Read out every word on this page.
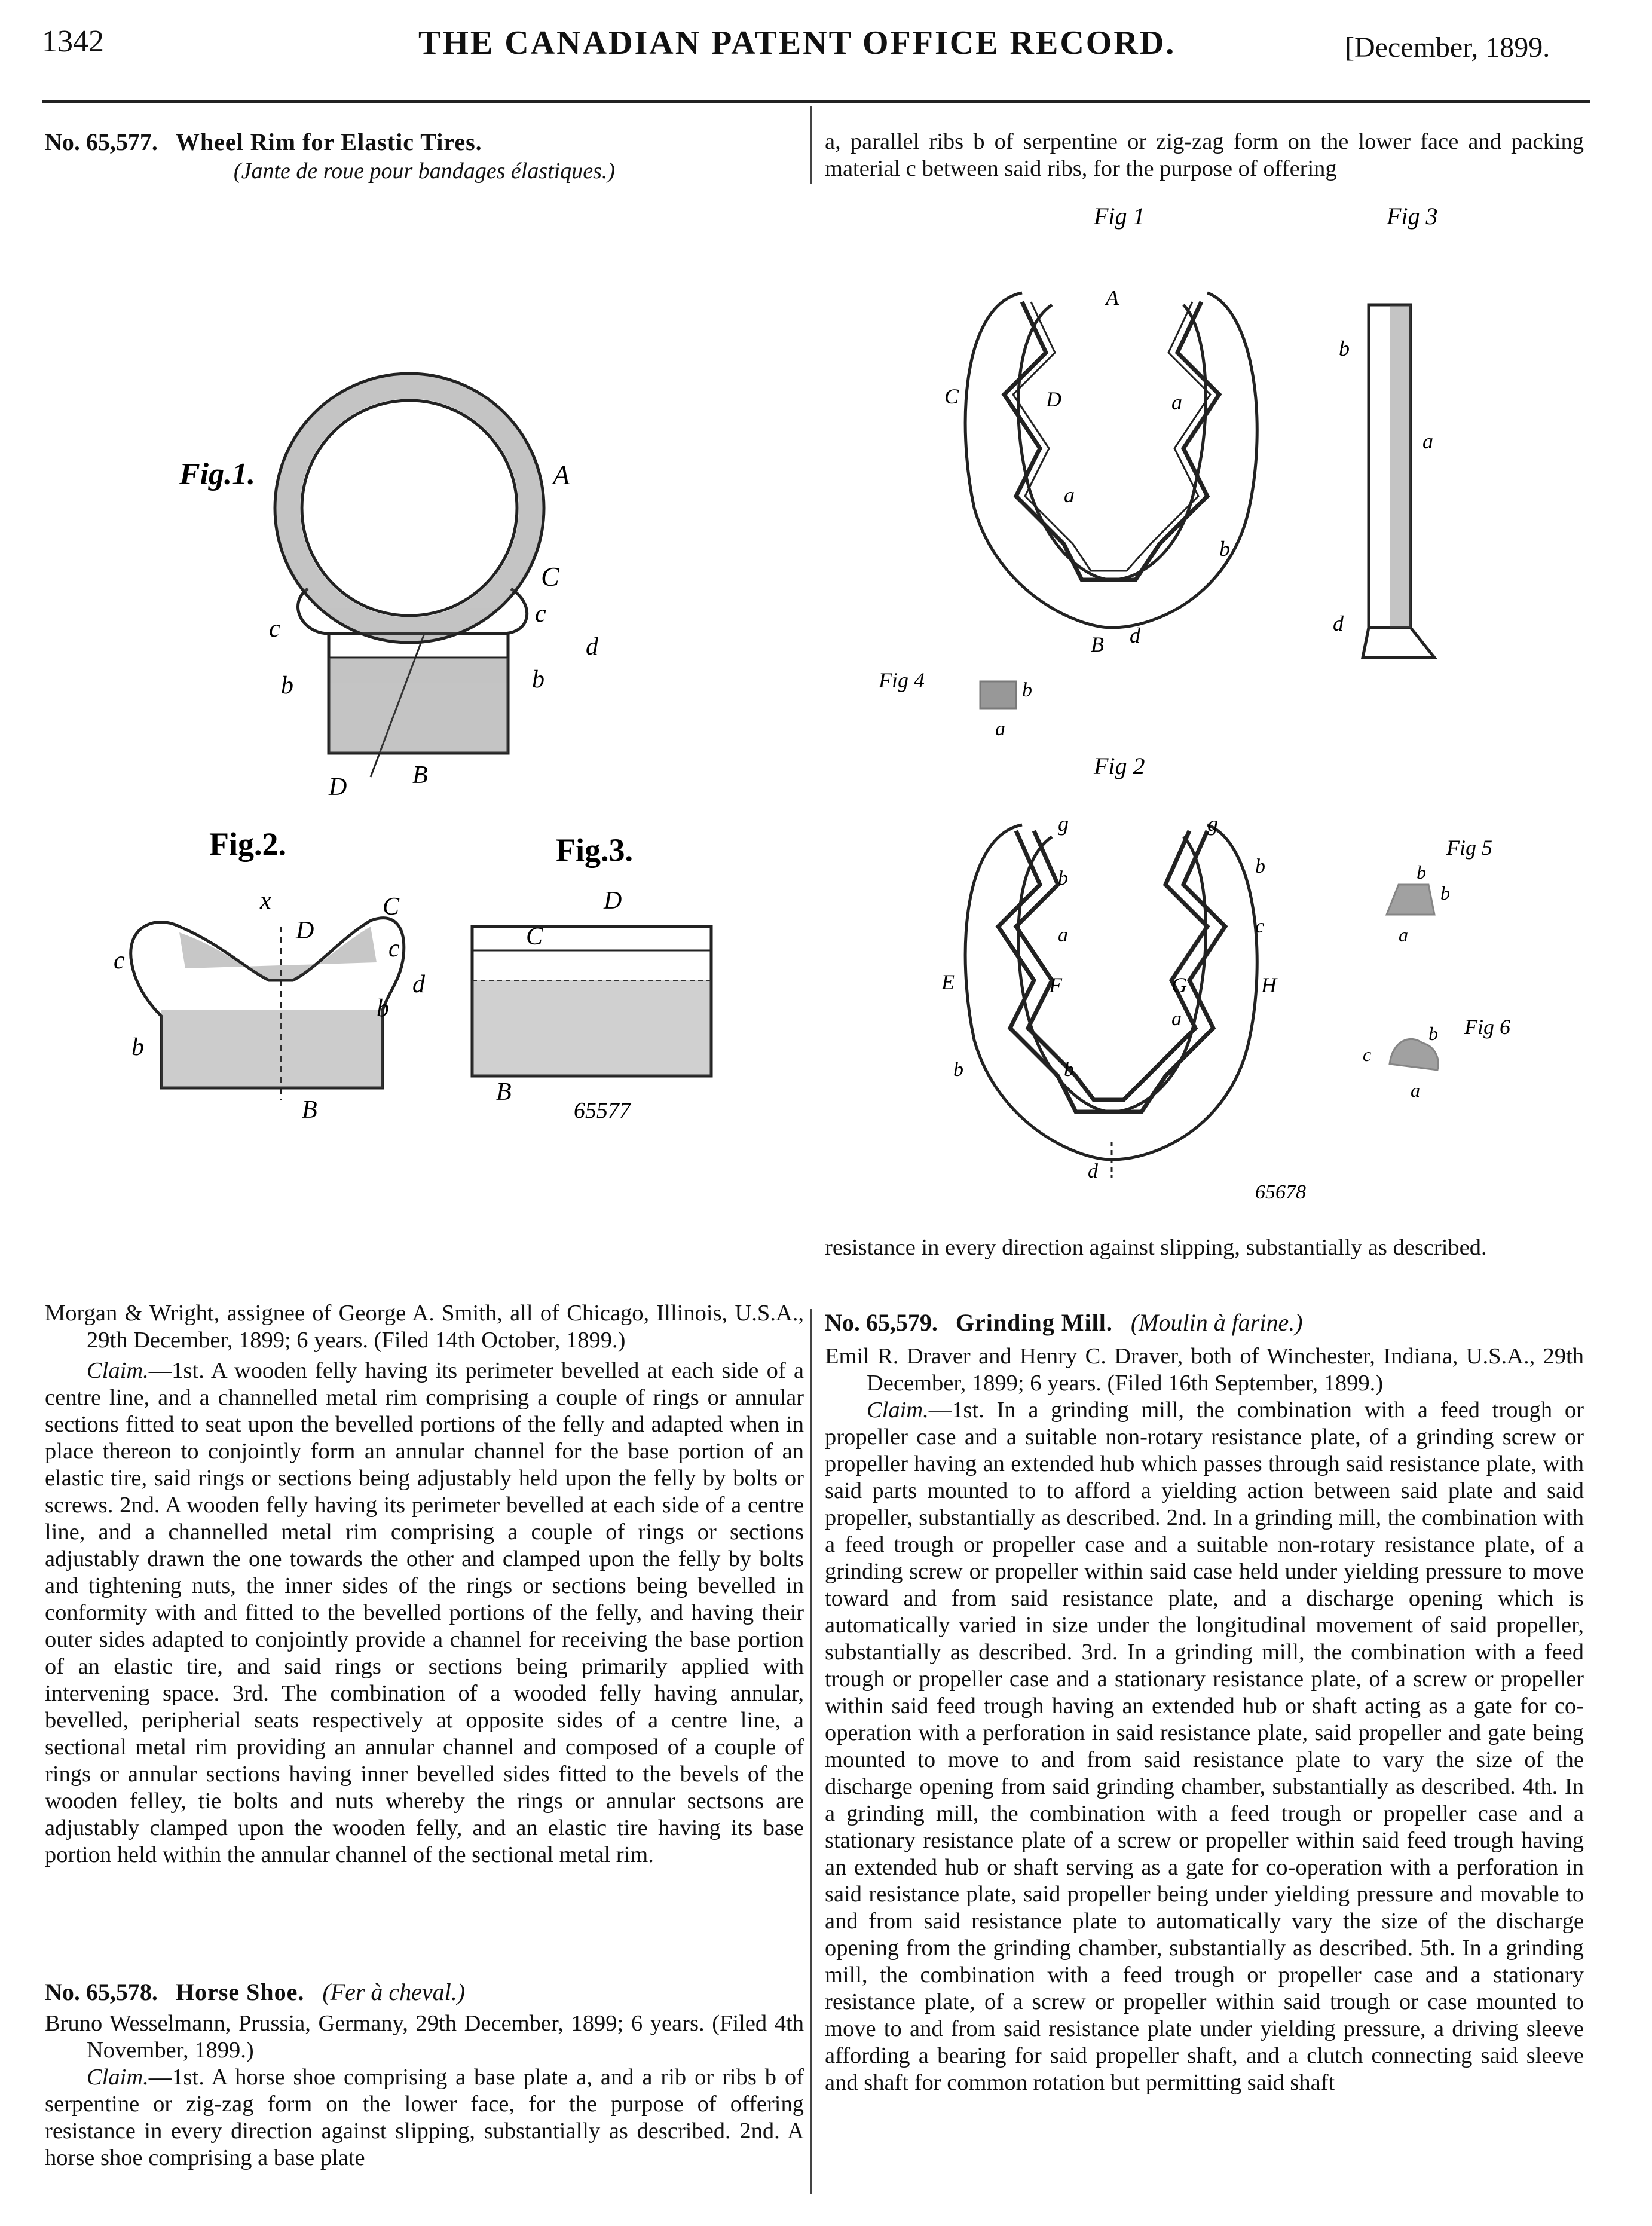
1342	THE CANADIAN PATENT OFFICE RECORD.	[December, 1899.

No. 65,577. Wheel Rim for Elastic Tires.

(Jante de roue pour bandages élastiques.)

Fig.1.	A
C
c
c
d
b	b
D	B
Fig.2.
x
D
C
c	c
d
b
b
B
Fig.3.
D
C
B
65577

Morgan & Wright, assignee of George A. Smith, all of Chicago, Illinois, U.S.A., 29th December, 1899; 6 years. (Filed 14th October, 1899.)

Claim.—1st. A wooden felly having its perimeter bevelled at each side of a centre line, and a channelled metal rim comprising a couple of rings or annular sections fitted to seat upon the bevelled portions of the felly and adapted when in place thereon to conjointly form an annular channel for the base portion of an elastic tire, said rings or sections being adjustably held upon the felly by bolts or screws. 2nd. A wooden felly having its perimeter bevelled at each side of a centre line, and a channelled metal rim comprising a couple of rings or sections adjustably drawn the one towards the other and clamped upon the felly by bolts and tightening nuts, the inner sides of the rings or sections being bevelled in conformity with and fitted to the bevelled portions of the felly, and having their outer sides adapted to conjointly provide a channel for receiving the base portion of an elastic tire, and said rings or sections being primarily applied with intervening space. 3rd. The combination of a wooded felly having annular, bevelled, peripherial seats respectively at opposite sides of a centre line, a sectional metal rim providing an annular channel and composed of a couple of rings or annular sections having inner bevelled sides fitted to the bevels of the wooden felley, tie bolts and nuts whereby the rings or annular sectsons are adjustably clamped upon the wooden felly, and an elastic tire having its base portion held within the annular channel of the sectional metal rim.

No. 65,578. Horse Shoe. (Fer à cheval.)

Bruno Wesselmann, Prussia, Germany, 29th December, 1899; 6 years. (Filed 4th November, 1899.)

Claim.—1st. A horse shoe comprising a base plate a, and a rib or ribs b of serpentine or zig-zag form on the lower face, for the purpose of offering resistance in every direction against slipping, substantially as described. 2nd. A horse shoe comprising a base plate

a, parallel ribs b of serpentine or zig-zag form on the lower face and packing material c between said ribs, for the purpose of offering
Fig 1
A
C	D	a
a
b
B d
Fig 3
b
a
d
Fig 4	b
a
Fig 2
g	g
b
b
c
a
E	F	G	H
a
b	b
d
65678
Fig 5
b
b
a
Fig 6
b
c
a
resistance in every direction against slipping, substantially as described.

No. 65,579. Grinding Mill. (Moulin à farine.)

Emil R. Draver and Henry C. Draver, both of Winchester, Indiana, U.S.A., 29th December, 1899; 6 years. (Filed 16th September, 1899.)

Claim.—1st. In a grinding mill, the combination with a feed trough or propeller case and a suitable non-rotary resistance plate, of a grinding screw or propeller having an extended hub which passes through said resistance plate, with said parts mounted to to afford a yielding action between said plate and said propeller, substantially as described. 2nd. In a grinding mill, the combination with a feed trough or propeller case and a suitable non-rotary resistance plate, of a grinding screw or propeller within said case held under yielding pressure to move toward and from said resistance plate, and a discharge opening which is automatically varied in size under the longitudinal movement of said propeller, substantially as described. 3rd. In a grinding mill, the combination with a feed trough or propeller case and a stationary resistance plate, of a screw or propeller within said feed trough having an extended hub or shaft acting as a gate for co-operation with a perforation in said resistance plate, said propeller and gate being mounted to move to and from said resistance plate to vary the size of the discharge opening from said grinding chamber, substantially as described. 4th. In a grinding mill, the combination with a feed trough or propeller case and a stationary resistance plate of a screw or propeller within said feed trough having an extended hub or shaft serving as a gate for co-operation with a perforation in said resistance plate, said propeller being under yielding pressure and movable to and from said resistance plate to automatically vary the size of the discharge opening from the grinding chamber, substantially as described. 5th. In a grinding mill, the combination with a feed trough or propeller case and a stationary resistance plate, of a screw or propeller within said trough or case mounted to move to and from said resistance plate under yielding pressure, a driving sleeve affording a bearing for said propeller shaft, and a clutch connecting said sleeve and shaft for common rotation but permitting said shaft
